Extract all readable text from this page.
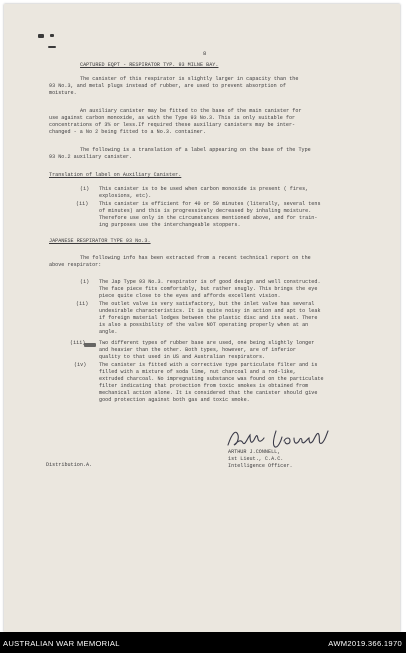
8
CAPTURED EQPT - RESPIRATOR TYP. 93 MILNE BAY.
The canister of this respirator is slightly larger in capacity than the
93 No.3, and metal plugs instead of rubber, are used to prevent absorption of
moisture.
An auxiliary canister may be fitted to the base of the main canister for
use against carbon monoxide, as with the Type 93 No.3. This is only suitable for
concentrations of 3% or less.If required these auxiliary canisters may be inter-
changed - a No 2 being fitted to a No.3. container.
The following is a translation of a label appearing on the base of the Type
93 No.2 auxiliary canister.
Translation of label on Auxiliary Canister.
(i) This canister is to be used when carbon monoxide is present ( fires,
explosions, etc).
(ii) This canister is efficient for 40 or 50 minutes (literally, several tens
of minutes) and this is progressively decreased by inhaling moisture.
Therefore use only in the circumstances mentioned above, and for train-
ing purposes use the interchangeable stoppers.
JAPANESE RESPIRATOR TYPE 93 No.3.
The following info has been extracted from a recent technical report on the
above respirator:
(i) The Jap Type 93 No.3. respirator is of good design and well constructed.
The face piece fits comfortably, but rather snugly. This brings the eye
piece quite close to the eyes and affords excellent vision.
(ii) The outlet valve is very satisfactory, but the inlet valve has several
undesirable characteristics. It is quite noisy in action and apt to leak
if foreign material lodges between the plastic disc and its seat. There
is also a possibility of the valve NOT operating properly when at an
angle.
(iii)	Two different types of rubber base are used, one being slightly longer
and heavier than the other. Both types, however, are of inferior
quality to that used in US and Australian respirators.
(iv) The canister is fitted with a corrective type particulate filter and is
filled with a mixture of soda lime, nut charcoal and a rod-like,
extruded charcoal. No impregnating substance was found on the particulate
filter indicating that protection from toxic smokes is obtained from
mechanical action alone. It is considered that the canister should give
good protection against both gas and toxic smoke.
ARTHUR J.CONNELL,
1st Lieut., C.A.C.
Intelligence Officer.
Distribution.A.
AUSTRALIAN WAR MEMORIAL	AWM2019.366.1970
